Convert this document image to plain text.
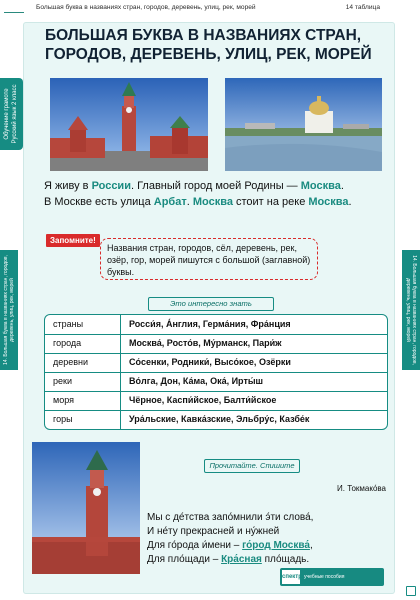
Большая буква в названиях стран, городов, деревень, улиц, рек, морей	14 таблица
Обучение грамоте Русский язык 2 класс
14. Большая буква в названиях стран, городов, деревень, улиц, рек, морей	14. Большая буква в названиях стран, городов, деревень, улиц, рек, морей
БОЛЬШАЯ БУКВА В НАЗВАНИЯХ СТРАН, ГОРОДОВ, ДЕРЕВЕНЬ, УЛИЦ, РЕК, МОРЕЙ
Я живу в России. Главный город моей Родины — Москва.
В Москве есть улица Арбат. Москва стоит на реке Москва.
Запомните!
Названия стран, городов, сёл, деревень, рек, озёр, гор, морей пишутся с большой (заглавной) буквы.
Это интересно знать
страны	Росси́я, А́нглия, Герма́ния, Фра́нция
города	Москва́, Росто́в, Му́рманск, Пари́ж
деревни	Со́сенки, Родники́, Высо́кое, Озёрки
реки	Во́лга, Дон, Ка́ма, Ока́, Ирты́ш
моря	Чёрное, Каспи́йское, Балти́йское
горы	Ура́льские, Кавка́зские, Эльбру́с, Казбе́к
Прочитайте. Спишите
И. Токмако́ва
Мы с де́тства запо́мнили э́ти слова́,
И не́ту прекрасней и ну́жней
Для го́рода и́мени – го́род Москва́,
Для пло́щади – Кра́сная пло́щадь.
спектр учебные пособия
